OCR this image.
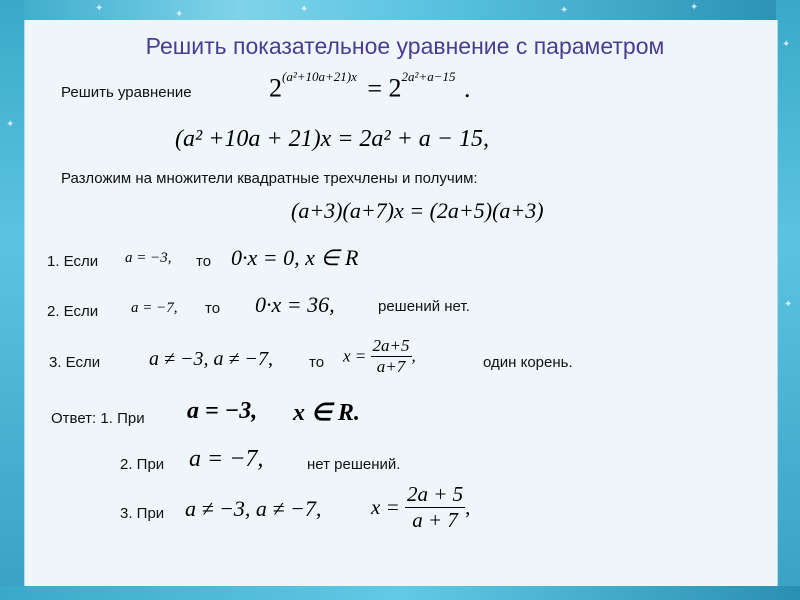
✦
✦	✦	✦	✦
✦
✦
✦
Решить показательное уравнение с параметром
Решить уравнение	$2^{(a^2+10a+21)x} = 2^{2a^2+a-15}$ .
(a² +10a + 21)x = 2a² + a − 15,
Разложим на множители квадратные трехчлены и получим:
(a+3)(a+7)x = (2a+5)(a+3)
1. Если a = −3, то 0·x = 0, x ∈ R
2. Если a = −7, то 0·x = 36,	решений нет.
3. Если a ≠ −3, a ≠ −7, то $x = \frac{2a+5}{a+7}$ ,	один корень.
Ответ: 1. При a = −3, x ∈ R.
2. При a = −7,	нет решений.
3. При a ≠ −3, a ≠ −7, $x = \frac{2a + 5}{a + 7}$ ,
